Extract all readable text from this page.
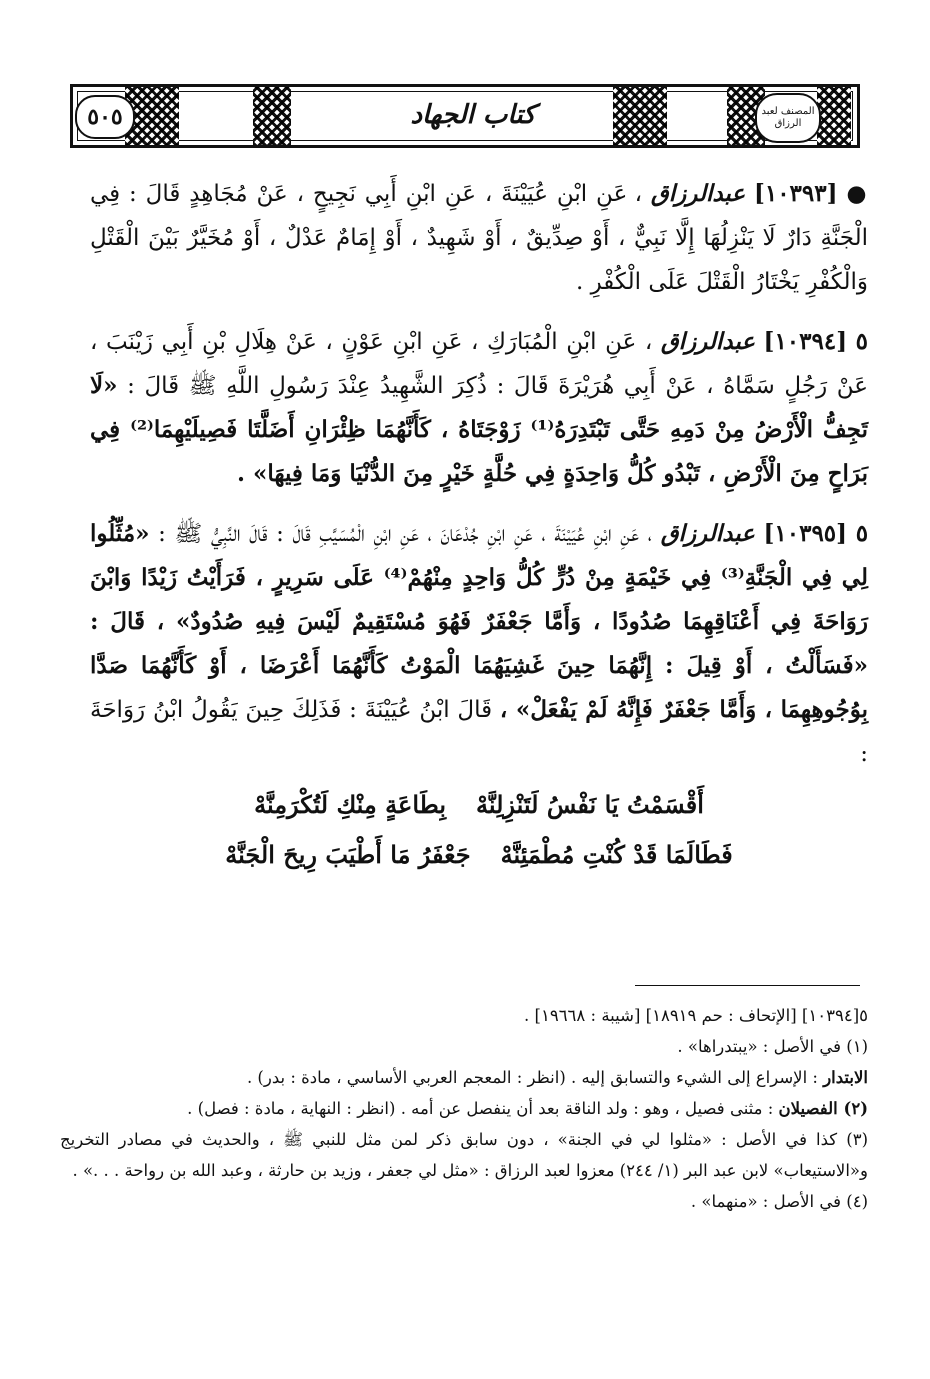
٥٠٥	كتاب الجهاد	المصنف لعبد الرزاق
● [١٠٣٩٣] عبدالرزاق ، عَنِ ابْنِ عُيَيْنَةَ ، عَنِ ابْنِ أَبِي نَجِيحٍ ، عَنْ مُجَاهِدٍ قَالَ : فِي الْجَنَّةِ دَارٌ لَا يَنْزِلُهَا إِلَّا نَبِيٌّ ، أَوْ صِدِّيقٌ ، أَوْ شَهِيدٌ ، أَوْ إِمَامٌ عَدْلٌ ، أَوْ مُخَيَّرٌ بَيْنَ الْقَتْلِ وَالْكُفْرِ يَخْتَارُ الْقَتْلَ عَلَى الْكُفْرِ .
٥ [١٠٣٩٤] عبدالرزاق ، عَنِ ابْنِ الْمُبَارَكِ ، عَنِ ابْنِ عَوْنٍ ، عَنْ هِلَالِ بْنِ أَبِي زَيْنَبَ ، عَنْ رَجُلٍ سَمَّاهُ ، عَنْ أَبِي هُرَيْرَةَ قَالَ : ذُكِرَ الشَّهِيدُ عِنْدَ رَسُولِ اللَّهِ ﷺ قَالَ : «لَا تَجِفُّ الْأَرْضُ مِنْ دَمِهِ حَتَّى تَبْتَدِرَهُ⁽¹⁾ زَوْجَتَاهُ ، كَأَنَّهُمَا ظِئْرَانِ أَضَلَّتَا فَصِيلَيْهِمَا⁽²⁾ فِي بَرَاحٍ مِنَ الْأَرْضِ ، تَبْدُو كُلُّ وَاحِدَةٍ فِي حُلَّةٍ خَيْرٍ مِنَ الدُّنْيَا وَمَا فِيهَا» .
٥ [١٠٣٩٥] عبدالرزاق ، عَنِ ابْنِ عُيَيْنَةَ ، عَنِ ابْنِ جُدْعَانَ ، عَنِ ابْنِ الْمُسَيَّبِ قَالَ : قَالَ النَّبِيُّ ﷺ : «مُثِّلُوا لِي فِي الْجَنَّةِ⁽³⁾ فِي خَيْمَةٍ مِنْ دُرٍّ كُلُّ وَاحِدٍ مِنْهُمْ⁽⁴⁾ عَلَى سَرِيرٍ ، فَرَأَيْتُ زَيْدًا وَابْنَ رَوَاحَةَ فِي أَعْنَاقِهِمَا صُدُودًا ، وَأَمَّا جَعْفَرٌ فَهُوَ مُسْتَقِيمٌ لَيْسَ فِيهِ صُدُودٌ» ، قَالَ : «فَسَأَلْتُ ، أَوْ قِيلَ : إِنَّهُمَا حِينَ غَشِيَهُمَا الْمَوْتُ كَأَنَّهُمَا أَعْرَضَا ، أَوْ كَأَنَّهُمَا صَدَّا بِوُجُوهِهِمَا ، وَأَمَّا جَعْفَرٌ فَإِنَّهُ لَمْ يَفْعَلْ» ، قَالَ ابْنُ عُيَيْنَةَ : فَذَلِكَ حِينَ يَقُولُ ابْنُ رَوَاحَةَ :
أَقْسَمْتُ يَا نَفْسُ لَتَنْزِلِنَّهْ
بِطَاعَةٍ مِنْكِ لَتُكْرَمِنَّهْ
فَطَالَمَا قَدْ كُنْتِ مُطْمَئِنَّهْ
جَعْفَرُ مَا أَطْيَبَ رِيحَ الْجَنَّهْ

٥[١٠٣٩٤] [الإتحاف : حم ١٨٩١٩] [شيبة : ١٩٦٦٨] .

(١) في الأصل : «يبتدراها» .

الابتدار : الإسراع إلى الشيء والتسابق إليه . (انظر : المعجم العربي الأساسي ، مادة : بدر) .

(٢) الفصيلان : مثنى فصيل ، وهو : ولد الناقة بعد أن ينفصل عن أمه . (انظر : النهاية ، مادة : فصل) .

(٣) كذا في الأصل : «مثلوا لي في الجنة» ، دون سابق ذكر لمن مثل للنبي ﷺ ، والحديث في مصادر التخريج و«الاستيعاب» لابن عبد البر (١/ ٢٤٤) معزوا لعبد الرزاق : «مثل لي جعفر ، وزيد بن حارثة ، وعبد الله بن رواحة . . .» .

(٤) في الأصل : «منهما» .
